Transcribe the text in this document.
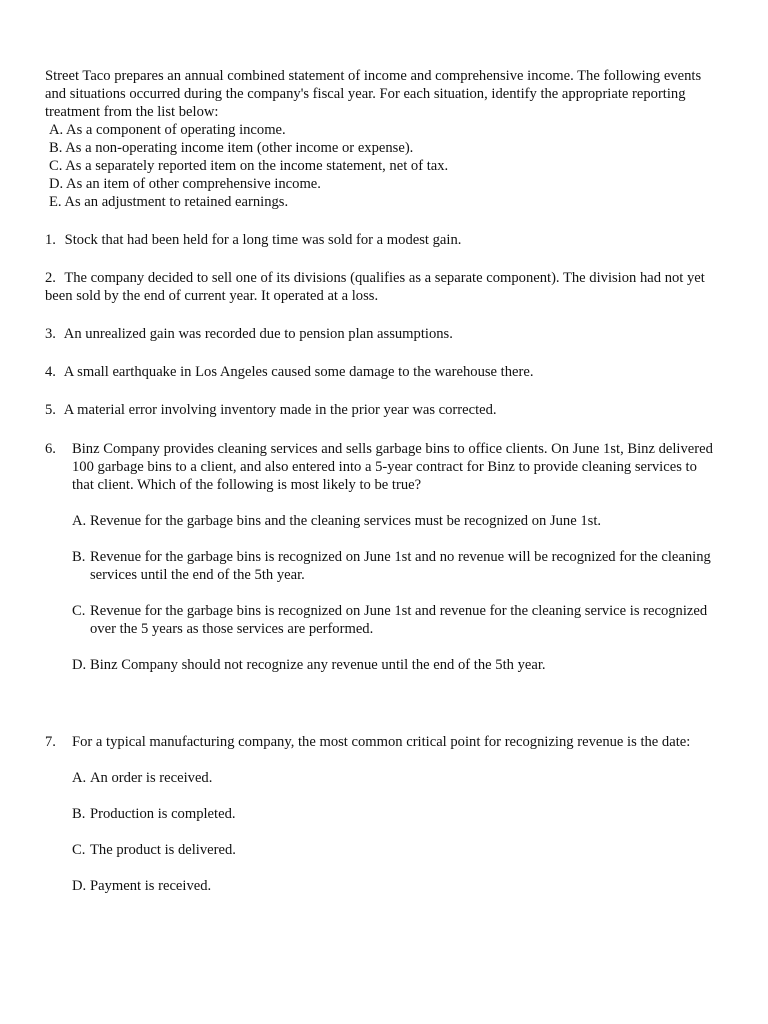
Street Taco prepares an annual combined statement of income and comprehensive income. The following events and situations occurred during the company's fiscal year. For each situation, identify the appropriate reporting treatment from the list below:

A. As a component of operating income.
B. As a non-operating income item (other income or expense).
C. As a separately reported item on the income statement, net of tax.
D. As an item of other comprehensive income.
E. As an adjustment to retained earnings.
1. Stock that had been held for a long time was sold for a modest gain.
2. The company decided to sell one of its divisions (qualifies as a separate component). The division had not yet been sold by the end of current year. It operated at a loss.
3. An unrealized gain was recorded due to pension plan assumptions.
4. A small earthquake in Los Angeles caused some damage to the warehouse there.
5. A material error involving inventory made in the prior year was corrected.
6. Binz Company provides cleaning services and sells garbage bins to office clients. On June 1st, Binz delivered 100 garbage bins to a client, and also entered into a 5-year contract for Binz to provide cleaning services to that client. Which of the following is most likely to be true?
A. Revenue for the garbage bins and the cleaning services must be recognized on June 1st.
B. Revenue for the garbage bins is recognized on June 1st and no revenue will be recognized for the cleaning services until the end of the 5th year.
C. Revenue for the garbage bins is recognized on June 1st and revenue for the cleaning service is recognized over the 5 years as those services are performed.
D. Binz Company should not recognize any revenue until the end of the 5th year.
7. For a typical manufacturing company, the most common critical point for recognizing revenue is the date:
A. An order is received.
B. Production is completed.
C. The product is delivered.
D. Payment is received.
